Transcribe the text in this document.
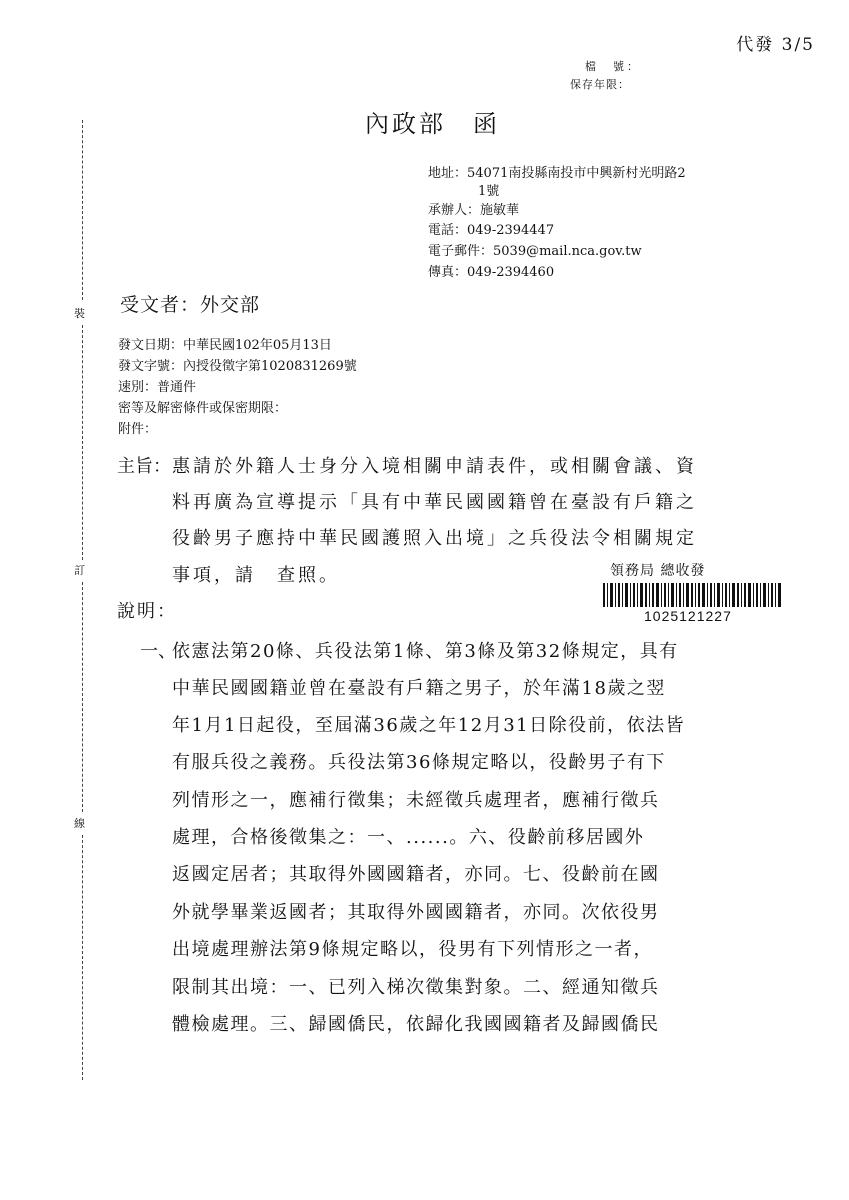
裝
訂
線
代發 3/5
檔　號：
保存年限：
內政部　函
地址：54071南投縣南投市中興新村光明路2
1號
承辦人：施敏華
電話：049-2394447
電子郵件：5039@mail.nca.gov.tw
傳真：049-2394460
受文者：外交部
發文日期：中華民國102年05月13日
發文字號：內授役徵字第1020831269號
速別：普通件
密等及解密條件或保密期限：
附件：
主旨： 惠請於外籍人士身分入境相關申請表件，或相關會議、資
料再廣為宣導提示「具有中華民國國籍曾在臺設有戶籍之
役齡男子應持中華民國護照入出境」之兵役法令相關規定
事項，請　查照。	領務局 總收發
1025121227
說明：
一、
依憲法第20條、兵役法第1條、第3條及第32條規定，具有
中華民國國籍並曾在臺設有戶籍之男子，於年滿18歲之翌
年1月1日起役，至屆滿36歲之年12月31日除役前，依法皆
有服兵役之義務。兵役法第36條規定略以，役齡男子有下
列情形之一，應補行徵集；未經徵兵處理者，應補行徵兵
處理，合格後徵集之：一、......。六、役齡前移居國外
返國定居者；其取得外國國籍者，亦同。七、役齡前在國
外就學畢業返國者；其取得外國國籍者，亦同。次依役男
出境處理辦法第9條規定略以，役男有下列情形之一者，
限制其出境：一、已列入梯次徵集對象。二、經通知徵兵
體檢處理。三、歸國僑民，依歸化我國國籍者及歸國僑民
